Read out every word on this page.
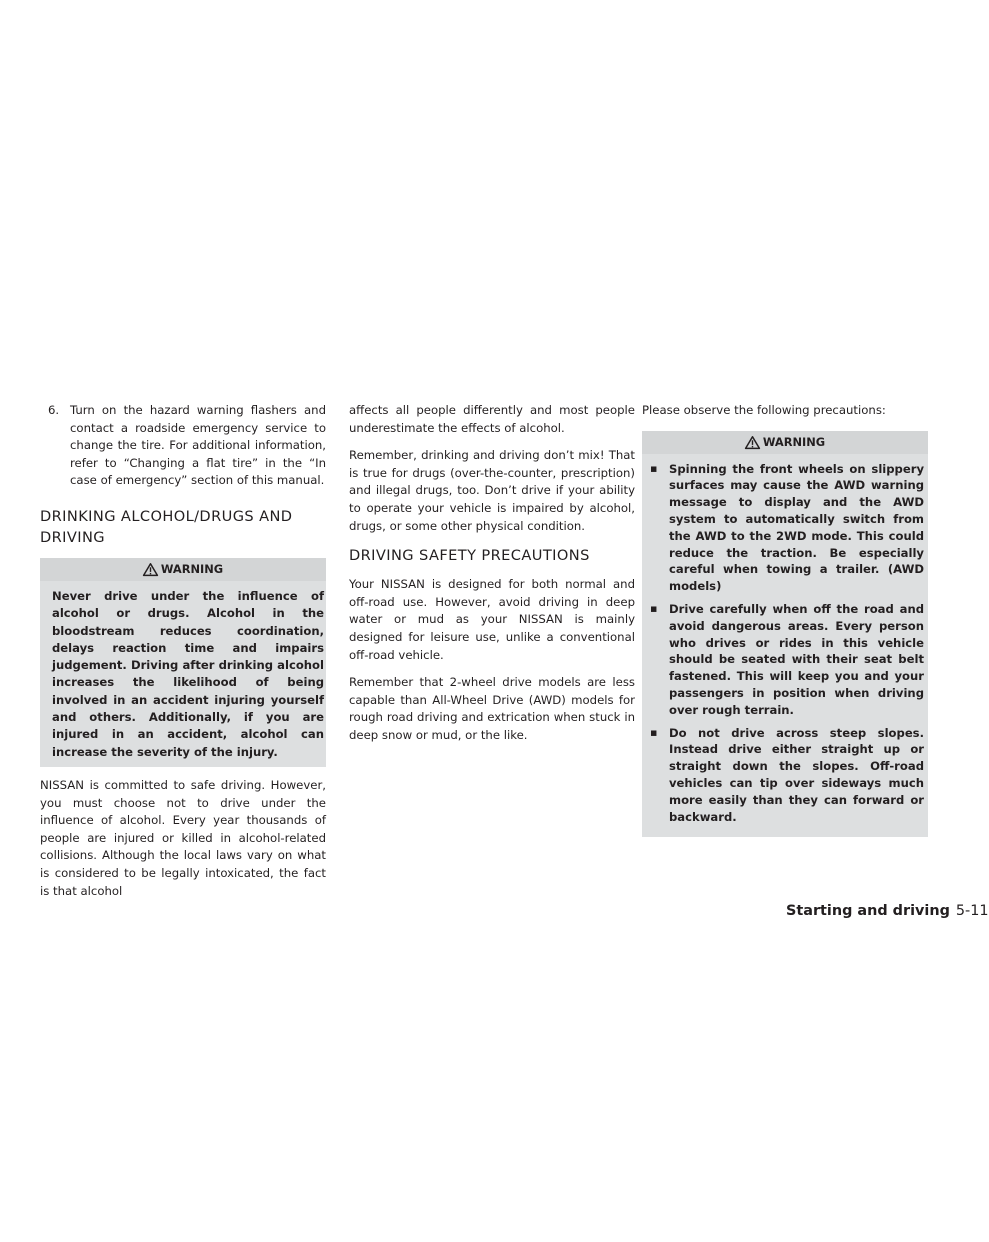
6. Turn on the hazard warning flashers and contact a roadside emergency service to change the tire. For additional information, refer to “Changing a flat tire” in the “In case of emergency” section of this manual.

DRINKING ALCOHOL/DRUGS AND DRIVING
WARNING

Never drive under the influence of alcohol or drugs. Alcohol in the bloodstream reduces coordination, delays reaction time and impairs judgement. Driving after drinking alcohol increases the likelihood of being involved in an accident injuring yourself and others. Additionally, if you are injured in an accident, alcohol can increase the severity of the injury.

NISSAN is committed to safe driving. However, you must choose not to drive under the influence of alcohol. Every year thousands of people are injured or killed in alcohol-related collisions. Although the local laws vary on what is considered to be legally intoxicated, the fact is that alcohol

affects all people differently and most people underestimate the effects of alcohol.

Remember, drinking and driving don’t mix! That is true for drugs (over-the-counter, prescription) and illegal drugs, too. Don’t drive if your ability to operate your vehicle is impaired by alcohol, drugs, or some other physical condition.

DRIVING SAFETY PRECAUTIONS

Your NISSAN is designed for both normal and off-road use. However, avoid driving in deep water or mud as your NISSAN is mainly designed for leisure use, unlike a conventional off-road vehicle.

Remember that 2-wheel drive models are less capable than All-Wheel Drive (AWD) models for rough road driving and extrication when stuck in deep snow or mud, or the like.

Please observe the following precautions:

WARNING
▪ Spinning the front wheels on slippery surfaces may cause the AWD warning message to display and the AWD system to automatically switch from the AWD to the 2WD mode. This could reduce the traction. Be especially careful when towing a trailer. (AWD models)
▪ Drive carefully when off the road and avoid dangerous areas. Every person who drives or rides in this vehicle should be seated with their seat belt fastened. This will keep you and your passengers in position when driving over rough terrain.
▪ Do not drive across steep slopes. Instead drive either straight up or straight down the slopes. Off-road vehicles can tip over sideways much more easily than they can forward or backward.
Starting and driving 5-11
